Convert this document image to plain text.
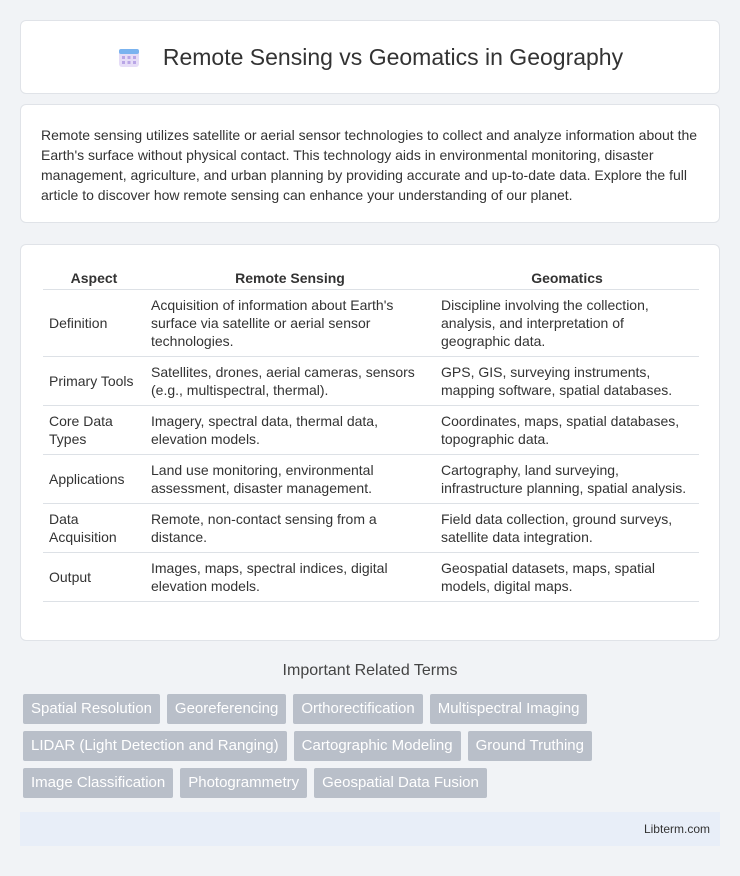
Remote Sensing vs Geomatics in Geography

Remote sensing utilizes satellite or aerial sensor technologies to collect and analyze information about the Earth's surface without physical contact. This technology aids in environmental monitoring, disaster management, agriculture, and urban planning by providing accurate and up-to-date data. Explore the full article to discover how remote sensing can enhance your understanding of our planet.

Aspect	Remote Sensing	Geomatics
Definition	Acquisition of information about Earth's surface via satellite or aerial sensor technologies.	Discipline involving the collection, analysis, and interpretation of geographic data.
Primary Tools	Satellites, drones, aerial cameras, sensors (e.g., multispectral, thermal).	GPS, GIS, surveying instruments, mapping software, spatial databases.
Core Data Types	Imagery, spectral data, thermal data, elevation models.	Coordinates, maps, spatial databases, topographic data.
Applications	Land use monitoring, environmental assessment, disaster management.	Cartography, land surveying, infrastructure planning, spatial analysis.
Data Acquisition	Remote, non-contact sensing from a distance.	Field data collection, ground surveys, satellite data integration.
Output	Images, maps, spectral indices, digital elevation models.	Geospatial datasets, maps, spatial models, digital maps.
Important Related Terms
Spatial Resolution	Georeferencing	Orthorectification	Multispectral Imaging
LIDAR (Light Detection and Ranging)	Cartographic Modeling	Ground Truthing
Image Classification	Photogrammetry	Geospatial Data Fusion
Libterm.com
